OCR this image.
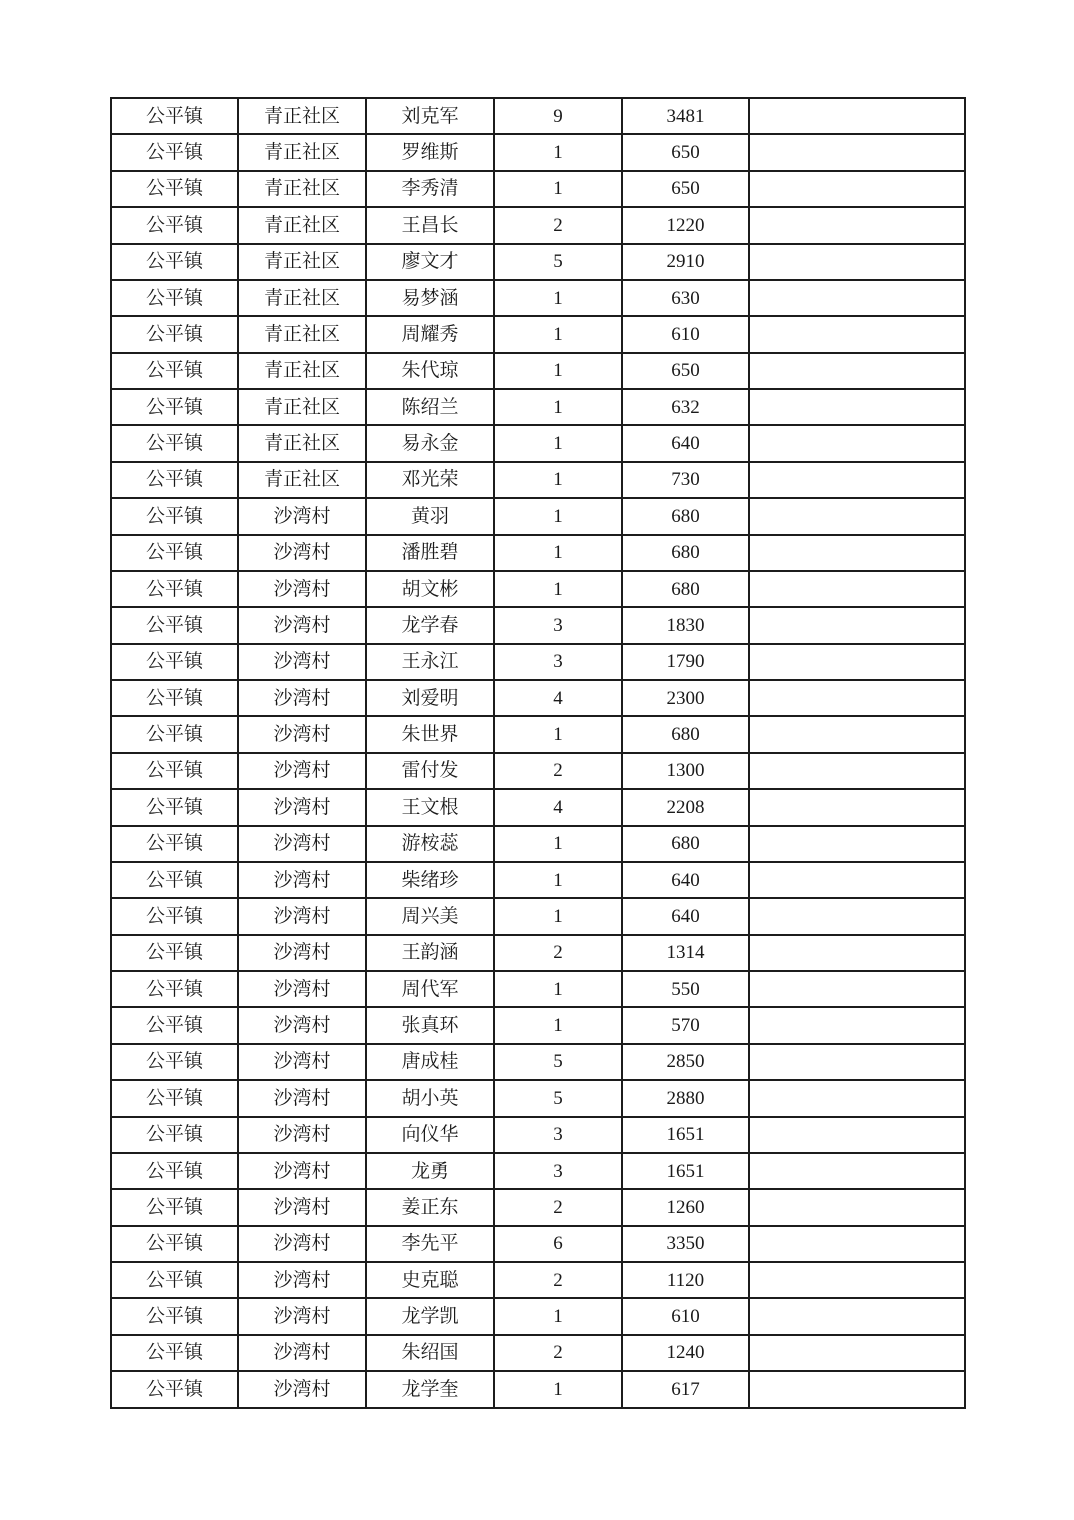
公平镇	青正社区	刘克军	9	3481	
公平镇	青正社区	罗维斯	1	650	
公平镇	青正社区	李秀清	1	650	
公平镇	青正社区	王昌长	2	1220	
公平镇	青正社区	廖文才	5	2910	
公平镇	青正社区	易梦涵	1	630	
公平镇	青正社区	周耀秀	1	610	
公平镇	青正社区	朱代琼	1	650	
公平镇	青正社区	陈绍兰	1	632	
公平镇	青正社区	易永金	1	640	
公平镇	青正社区	邓光荣	1	730	
公平镇	沙湾村	黄羽	1	680	
公平镇	沙湾村	潘胜碧	1	680	
公平镇	沙湾村	胡文彬	1	680	
公平镇	沙湾村	龙学春	3	1830	
公平镇	沙湾村	王永江	3	1790	
公平镇	沙湾村	刘爱明	4	2300	
公平镇	沙湾村	朱世界	1	680	
公平镇	沙湾村	雷付发	2	1300	
公平镇	沙湾村	王文根	4	2208	
公平镇	沙湾村	游桉蕊	1	680	
公平镇	沙湾村	柴绪珍	1	640	
公平镇	沙湾村	周兴美	1	640	
公平镇	沙湾村	王韵涵	2	1314	
公平镇	沙湾村	周代军	1	550	
公平镇	沙湾村	张真环	1	570	
公平镇	沙湾村	唐成桂	5	2850	
公平镇	沙湾村	胡小英	5	2880	
公平镇	沙湾村	向仪华	3	1651	
公平镇	沙湾村	龙勇	3	1651	
公平镇	沙湾村	姜正东	2	1260	
公平镇	沙湾村	李先平	6	3350	
公平镇	沙湾村	史克聪	2	1120	
公平镇	沙湾村	龙学凯	1	610	
公平镇	沙湾村	朱绍国	2	1240	
公平镇	沙湾村	龙学奎	1	617	
